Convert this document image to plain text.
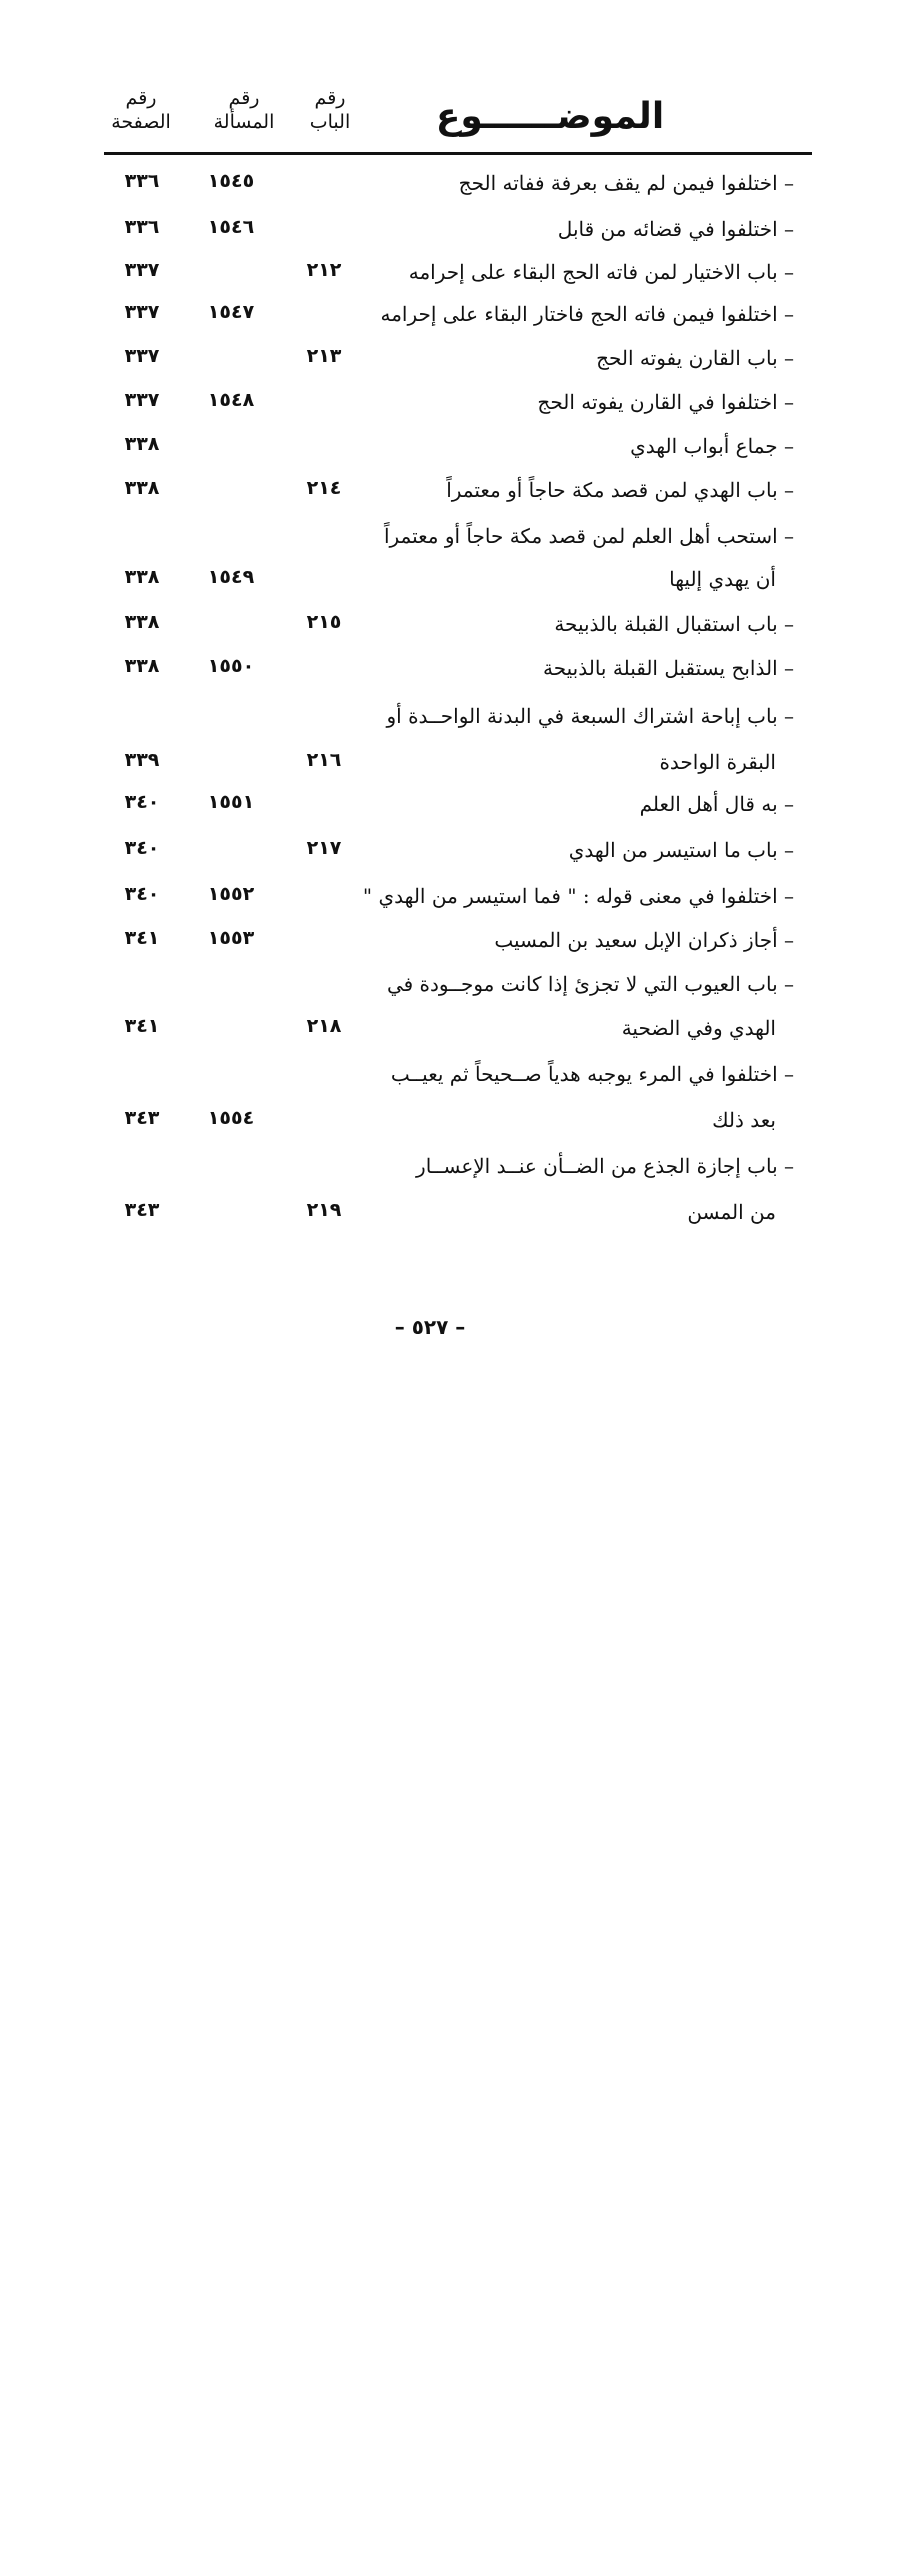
رقم
الصفحة
رقم
المسألة
رقم
الباب	الموضــــــوع
– اختلفوا فيمن لم يقف بعرفة ففاته الحج
١٥٤٥
٣٣٦
– اختلفوا في قضائه من قابل
١٥٤٦
٣٣٦
– باب الاختيار لمن فاته الحج البقاء على إحرامه
٢١٢
٣٣٧
– اختلفوا فيمن فاته الحج فاختار البقاء على إحرامه
١٥٤٧
٣٣٧
– باب القارن يفوته الحج
٢١٣
٣٣٧
– اختلفوا في القارن يفوته الحج
١٥٤٨
٣٣٧
– جماع أبواب الهدي
٣٣٨
– باب الهدي لمن قصد مكة حاجاً أو معتمراً
٢١٤
٣٣٨
– استحب أهل العلم لمن قصد مكة حاجاً أو معتمراً
أن يهدي إليها
١٥٤٩
٣٣٨
– باب استقبال القبلة بالذبيحة
٢١٥
٣٣٨
– الذابح يستقبل القبلة بالذبيحة
١٥٥٠
٣٣٨
– باب إباحة اشتراك السبعة في البدنة الواحــدة أو
البقرة الواحدة
٢١٦
٣٣٩
– به قال أهل العلم
١٥٥١
٣٤٠
– باب ما استيسر من الهدي
٢١٧
٣٤٠
– اختلفوا في معنى قوله : " فما استيسر من الهدي "
١٥٥٢
٣٤٠
– أجاز ذكران الإبل سعيد بن المسيب
١٥٥٣
٣٤١
– باب العيوب التي لا تجزئ إذا كانت موجــودة في
الهدي وفي الضحية
٢١٨
٣٤١
– اختلفوا في المرء يوجبه هدياً صــحيحاً ثم يعيــب
بعد ذلك
١٥٥٤
٣٤٣
– باب إجازة الجذع من الضــأن عنــد الإعســار
من المسن
٢١٩
٣٤٣
– ٥٢٧ –
